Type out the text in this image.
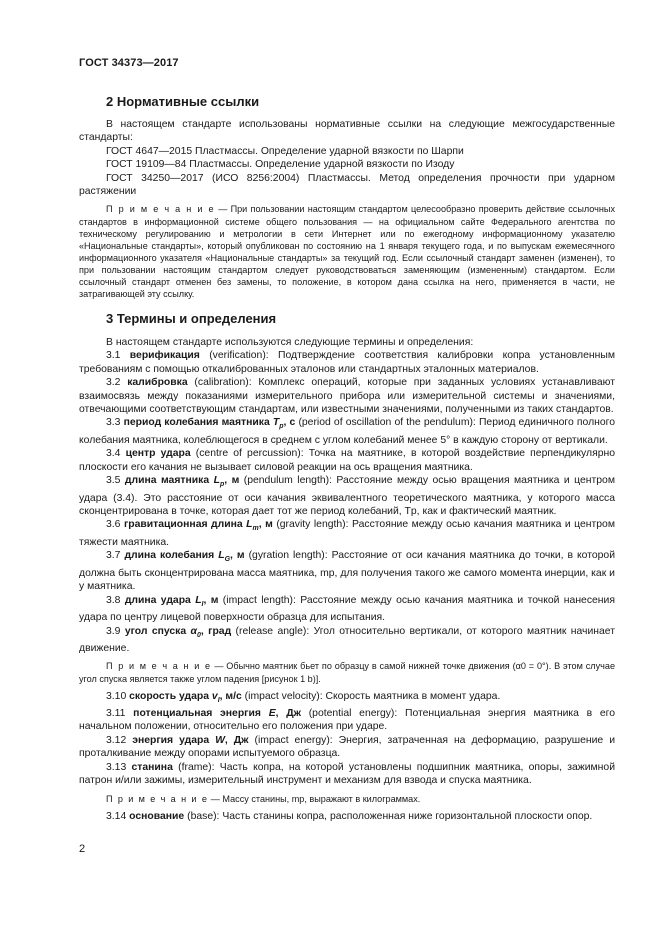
ГОСТ 34373—2017
2 Нормативные ссылки

В настоящем стандарте использованы нормативные ссылки на следующие межгосударственные стандарты:

ГОСТ 4647—2015 Пластмассы. Определение ударной вязкости по Шарпи

ГОСТ 19109—84 Пластмассы. Определение ударной вязкости по Изоду

ГОСТ 34250—2017 (ИСО 8256:2004) Пластмассы. Метод определения прочности при ударном растяжении

П р и м е ч а н и е — При пользовании настоящим стандартом целесообразно проверить действие ссылочных стандартов в информационной системе общего пользования — на официальном сайте Федерального агентства по техническому регулированию и метрологии в сети Интернет или по ежегодному информационному указателю «Национальные стандарты», который опубликован по состоянию на 1 января текущего года, и по выпускам ежемесячного информационного указателя «Национальные стандарты» за текущий год. Если ссылочный стандарт заменен (изменен), то при пользовании настоящим стандартом следует руководствоваться заменяющим (измененным) стандартом. Если ссылочный стандарт отменен без замены, то положение, в котором дана ссылка на него, применяется в части, не затрагивающей эту ссылку.

3 Термины и определения

В настоящем стандарте используются следующие термины и определения:

3.1 верификация (verification): Подтверждение соответствия калибровки копра установленным требованиям с помощью откалиброванных эталонов или стандартных эталонных материалов.

3.2 калибровка (calibration): Комплекс операций, которые при заданных условиях устанавливают взаимосвязь между показаниями измерительного прибора или измерительной системы и значениями, отвечающими соответствующим стандартам, или известными значениями, полученными из таких стандартов.

3.3 период колебания маятника $T_p$, с (period of oscillation of the pendulum): Период единичного полного колебания маятника, колеблющегося в среднем с углом колебаний менее 5° в каждую сторону от вертикали.

3.4 центр удара (centre of percussion): Точка на маятнике, в которой воздействие перпендикулярно плоскости его качания не вызывает силовой реакции на ось вращения маятника.

3.5 длина маятника $L_p$, м (pendulum length): Расстояние между осью вращения маятника и центром удара (3.4). Это расстояние от оси качания эквивалентного теоретического маятника, у которого масса сконцентрирована в точке, которая дает тот же период колебаний, Tp, как и фактический маятник.

3.6 гравитационная длина $L_m$, м (gravity length): Расстояние между осью качания маятника и центром тяжести маятника.

3.7 длина колебания $L_G$, м (gyration length): Расстояние от оси качания маятника до точки, в которой должна быть сконцентрирована масса маятника, mp, для получения такого же самого момента инерции, как и у маятника.

3.8 длина удара $L_I$, м (impact length): Расстояние между осью качания маятника и точкой нанесения удара по центру лицевой поверхности образца для испытания.

3.9 угол спуска $\alpha_0$, град (release angle): Угол относительно вертикали, от которого маятник начинает движение.

П р и м е ч а н и е — Обычно маятник бьет по образцу в самой нижней точке движения (α0 = 0°). В этом случае угол спуска является также углом падения [рисунок 1 b)].

3.10 скорость удара $v_I$, м/с (impact velocity): Скорость маятника в момент удара.

3.11 потенциальная энергия E, Дж (potential energy): Потенциальная энергия маятника в его начальном положении, относительно его положения при ударе.

3.12 энергия удара W, Дж (impact energy): Энергия, затраченная на деформацию, разрушение и проталкивание между опорами испытуемого образца.

3.13 станина (frame): Часть копра, на которой установлены подшипник маятника, опоры, зажимной патрон и/или зажимы, измерительный инструмент и механизм для взвода и спуска маятника.

П р и м е ч а н и е — Массу станины, mp, выражают в килограммах.

3.14 основание (base): Часть станины копра, расположенная ниже горизонтальной плоскости опор.

2
